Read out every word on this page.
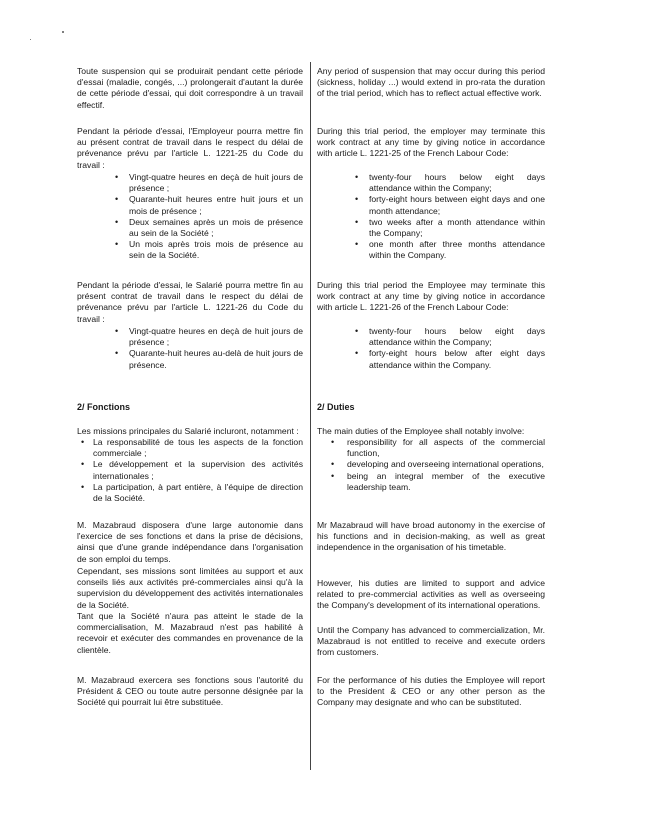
Toute suspension qui se produirait pendant cette période d'essai (maladie, congés, ...) prolongerait d'autant la durée de cette période d'essai, qui doit correspondre à un travail effectif.

Pendant la période d'essai, l'Employeur pourra mettre fin au présent contrat de travail dans le respect du délai de prévenance prévu par l'article L. 1221-25 du Code du travail :

• Vingt-quatre heures en deçà de huit jours de présence ;
• Quarante-huit heures entre huit jours et un mois de présence ;
• Deux semaines après un mois de présence au sein de la Société ;
• Un mois après trois mois de présence au sein de la Société.

Pendant la période d'essai, le Salarié pourra mettre fin au présent contrat de travail dans le respect du délai de prévenance prévu par l'article L. 1221-26 du Code du travail :

• Vingt-quatre heures en deçà de huit jours de présence ;
• Quarante-huit heures au-delà de huit jours de présence.
2/ Fonctions

Les missions principales du Salarié incluront, notamment :

• La responsabilité de tous les aspects de la fonction commerciale ;
• Le développement et la supervision des activités internationales ;
• La participation, à part entière, à l'équipe de direction de la Société.

M. Mazabraud disposera d'une large autonomie dans l'exercice de ses fonctions et dans la prise de décisions, ainsi que d'une grande indépendance dans l'organisation de son emploi du temps.

Cependant, ses missions sont limitées au support et aux conseils liés aux activités pré-commerciales ainsi qu'à la supervision du développement des activités internationales de la Société.

Tant que la Société n'aura pas atteint le stade de la commercialisation, M. Mazabraud n'est pas habilité à recevoir et exécuter des commandes en provenance de la clientèle.

M. Mazabraud exercera ses fonctions sous l'autorité du Président & CEO ou toute autre personne désignée par la Société qui pourrait lui être substituée.

Any period of suspension that may occur during this period (sickness, holiday ...) would extend in pro-rata the duration of the trial period, which has to reflect actual effective work.

During this trial period, the employer may terminate this work contract at any time by giving notice in accordance with article L. 1221-25 of the French Labour Code:

• twenty-four hours below eight days attendance within the Company;
• forty-eight hours between eight days and one month attendance;
• two weeks after a month attendance within the Company;
• one month after three months attendance within the Company.

During this trial period the Employee may terminate this work contract at any time by giving notice in accordance with article L. 1221-26 of the French Labour Code:

• twenty-four hours below eight days attendance within the Company;
• forty-eight hours below after eight days attendance within the Company.
2/ Duties

The main duties of the Employee shall notably involve:

• responsibility for all aspects of the commercial function,
• developing and overseeing international operations,
• being an integral member of the executive leadership team.

Mr Mazabraud will have broad autonomy in the exercise of his functions and in decision-making, as well as great independence in the organisation of his timetable.

However, his duties are limited to support and advice related to pre-commercial activities as well as overseeing the Company's development of its international operations.

Until the Company has advanced to commercialization, Mr. Mazabraud is not entitled to receive and execute orders from customers.

For the performance of his duties the Employee will report to the President & CEO or any other person as the Company may designate and who can be substituted.
